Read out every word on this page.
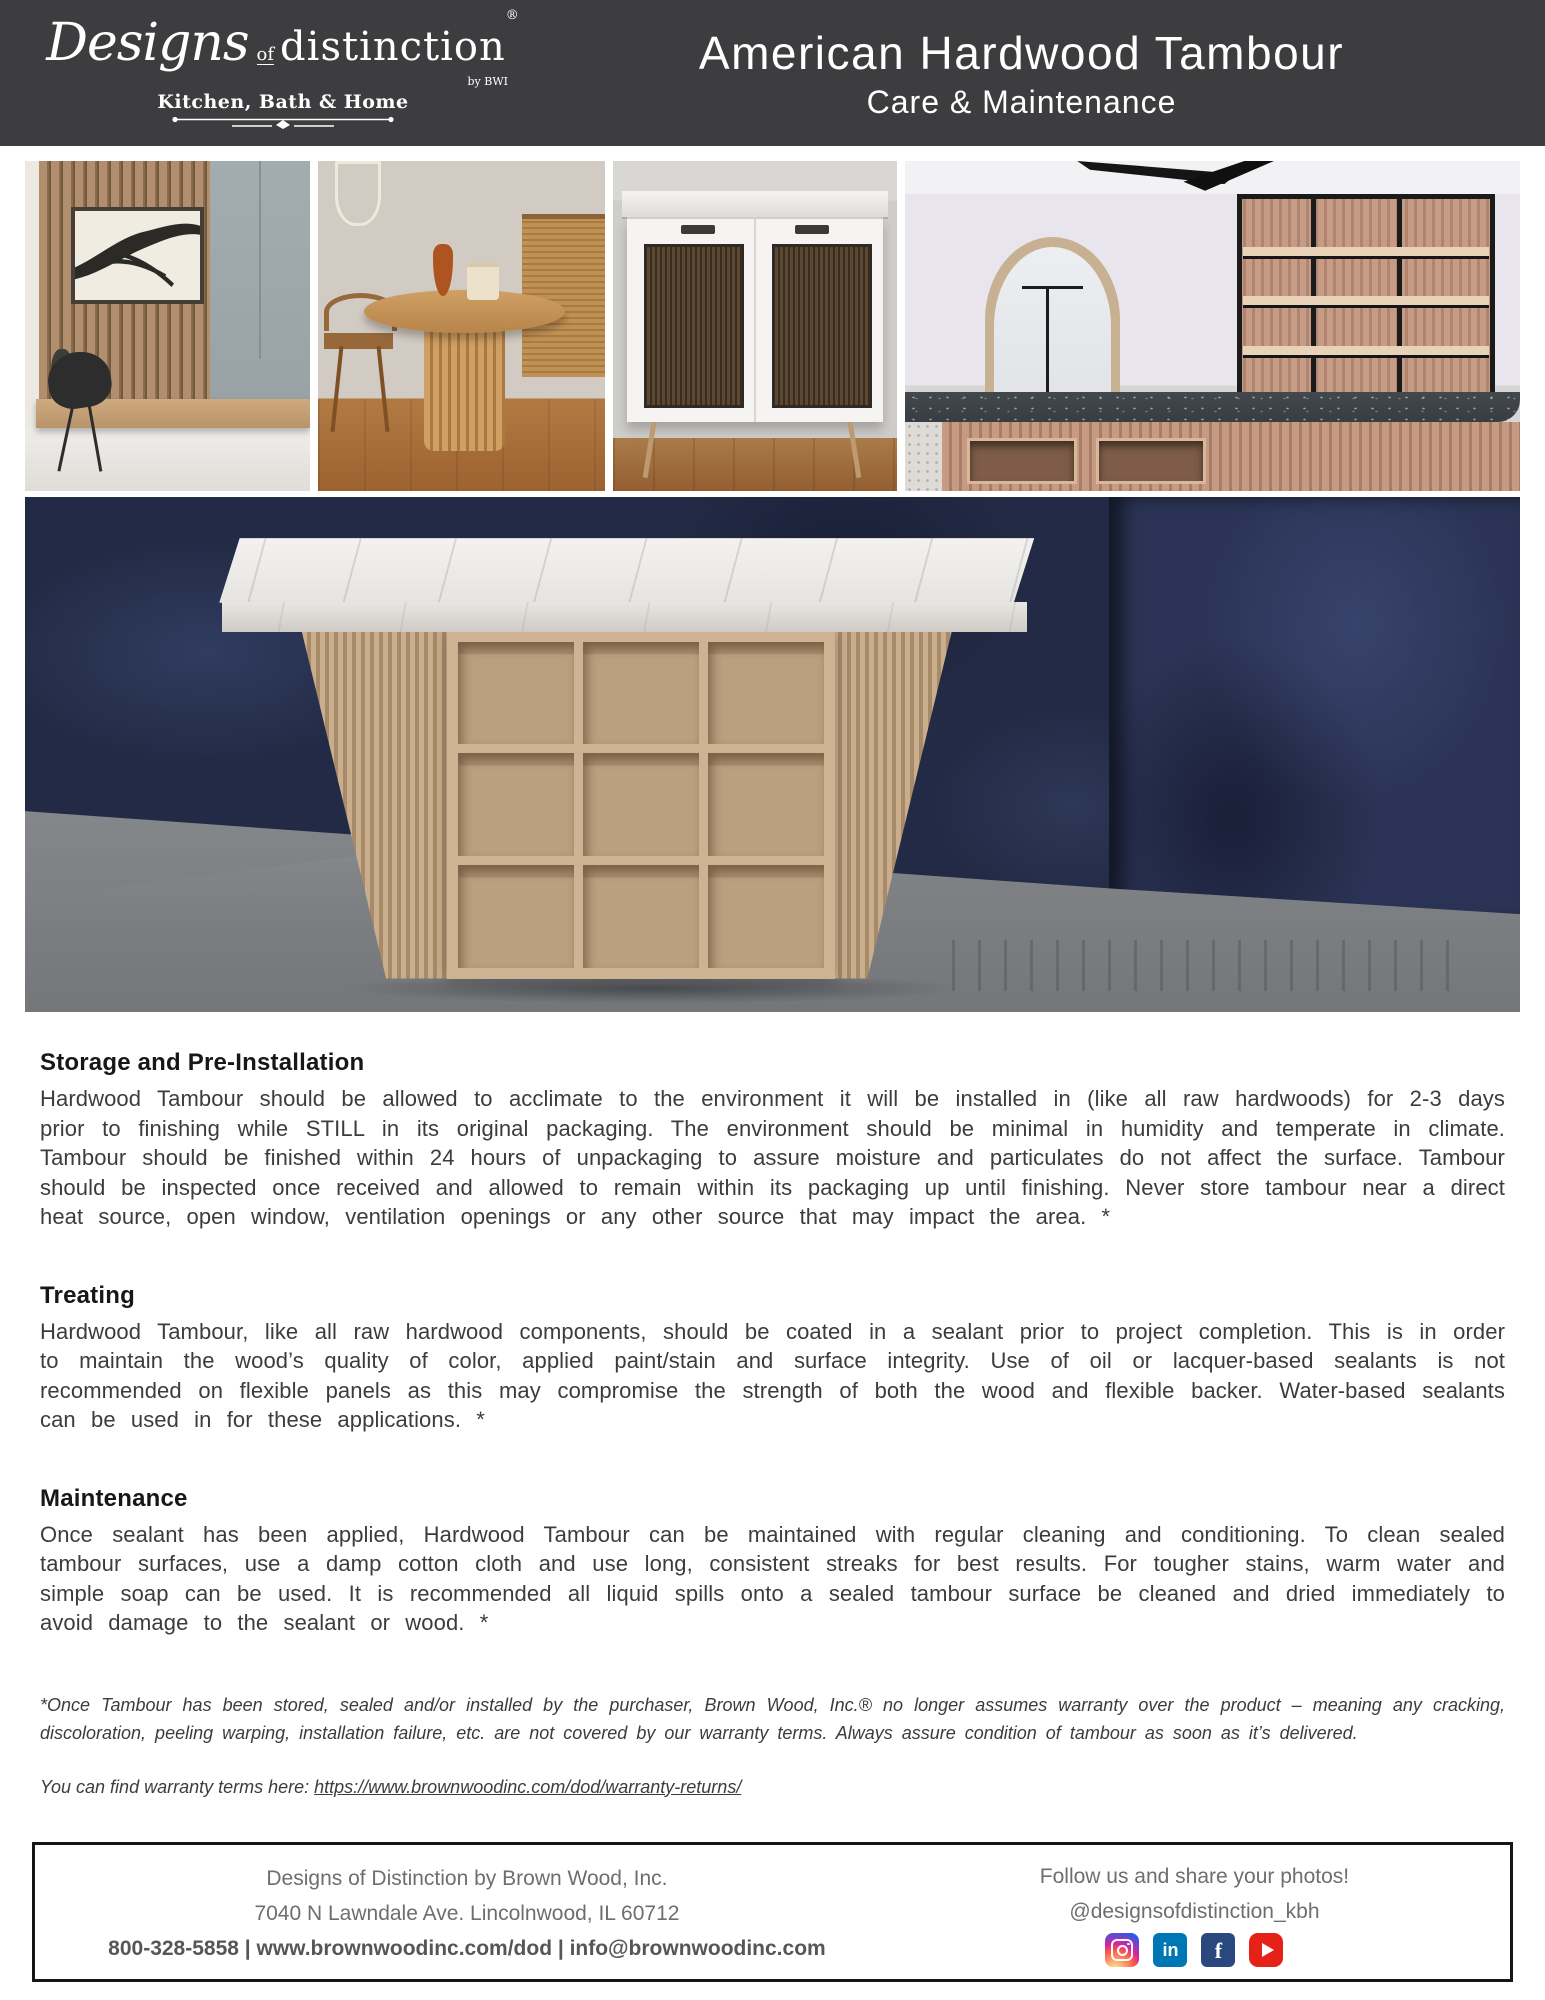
Designs of distinction®
by BWI
Kitchen, Bath & Home
American Hardwood Tambour
Care & Maintenance
Storage and Pre-Installation
Hardwood Tambour should be allowed to acclimate to the environment it will be installed in (like all raw hardwoods) for 2-3 days prior to finishing while STILL in its original packaging. The environment should be minimal in humidity and temperate in climate. Tambour should be finished within 24 hours of unpackaging to assure moisture and particulates do not affect the surface. Tambour should be inspected once received and allowed to remain within its packaging up until finishing. Never store tambour near a direct heat source, open window, ventilation openings or any other source that may impact the area. *
Treating
Hardwood Tambour, like all raw hardwood components, should be coated in a sealant prior to project completion. This is in order to maintain the wood’s quality of color, applied paint/stain and surface integrity. Use of oil or lacquer-based sealants is not recommended on flexible panels as this may compromise the strength of both the wood and flexible backer. Water-based sealants can be used in for these applications. *
Maintenance
Once sealant has been applied, Hardwood Tambour can be maintained with regular cleaning and conditioning. To clean sealed tambour surfaces, use a damp cotton cloth and use long, consistent streaks for best results. For tougher stains, warm water and simple soap can be used. It is recommended all liquid spills onto a sealed tambour surface be cleaned and dried immediately to avoid damage to the sealant or wood. *
*Once Tambour has been stored, sealed and/or installed by the purchaser, Brown Wood, Inc.® no longer assumes warranty over the product – meaning any cracking, discoloration, peeling warping, installation failure, etc. are not covered by our warranty terms. Always assure condition of tambour as soon as it’s delivered.
You can find warranty terms here: https://www.brownwoodinc.com/dod/warranty-returns/
Designs of Distinction by Brown Wood, Inc.
7040 N Lawndale Ave. Lincolnwood, IL 60712
800-328-5858 | www.brownwoodinc.com/dod | info@brownwoodinc.com
Follow us and share your photos!
@designsofdistinction_kbh
in	f
